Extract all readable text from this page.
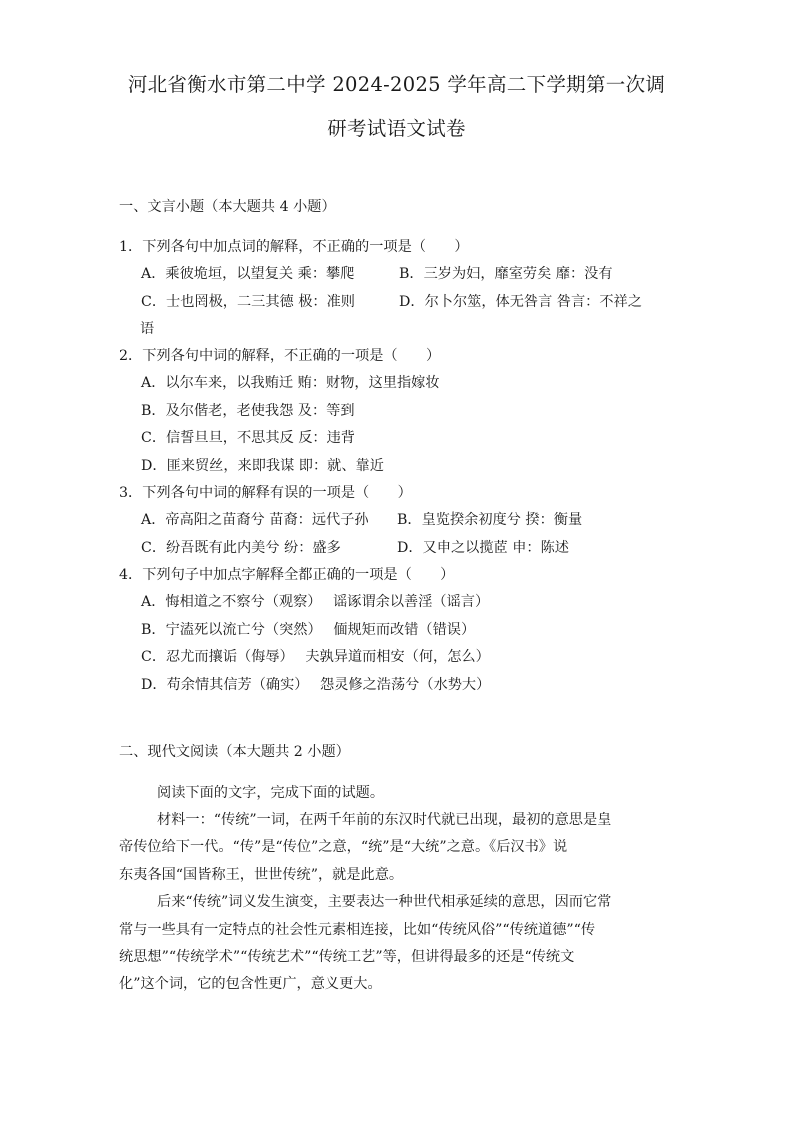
河北省衡水市第二中学 2024-2025 学年高二下学期第一次调
研考试语文试卷
一、文言小题（本大题共 4 小题）
1．下列各句中加点词的解释，不正确的一项是（　　）
A．乘彼垝垣，以望复关 乘：攀爬	B．三岁为妇，靡室劳矣 靡：没有
C．士也罔极，二三其德 极：准则	D．尔卜尔筮，体无咎言 咎言：不祥之
语
2．下列各句中词的解释，不正确的一项是（　　）
A．以尔车来，以我贿迁 贿：财物，这里指嫁妆
B．及尔偕老，老使我怨 及：等到
C．信誓旦旦，不思其反 反：违背
D．匪来贸丝，来即我谋 即：就、靠近
3．下列各句中词的解释有误的一项是（　　）
A．帝高阳之苗裔兮 苗裔：远代子孙 B．皇览揆余初度兮 揆：衡量
C．纷吾既有此内美兮 纷：盛多	D．又申之以揽茝 申：陈述
4．下列句子中加点字解释全都正确的一项是（　　）
A．悔相道之不察兮（观察）　 谣诼谓余以善淫（谣言）
B．宁溘死以流亡兮（突然）　 偭规矩而改错（错误）
C．忍尤而攘诟（侮辱）　 夫孰异道而相安（何，怎么）
D．苟余情其信芳（确实）　 怨灵修之浩荡兮（水势大）
二、现代文阅读（本大题共 2 小题）
阅读下面的文字，完成下面的试题。
材料一：“传统”一词，在两千年前的东汉时代就已出现，最初的意思是皇
帝传位给下一代。“传”是“传位”之意，“统”是“大统”之意。《后汉书》说
东夷各国“国皆称王，世世传统”，就是此意。
后来“传统”词义发生演变，主要表达一种世代相承延续的意思，因而它常
常与一些具有一定特点的社会性元素相连接，比如“传统风俗”“传统道德”“传
统思想”“传统学术”“传统艺术”“传统工艺”等，但讲得最多的还是“传统文
化”这个词，它的包含性更广，意义更大。
